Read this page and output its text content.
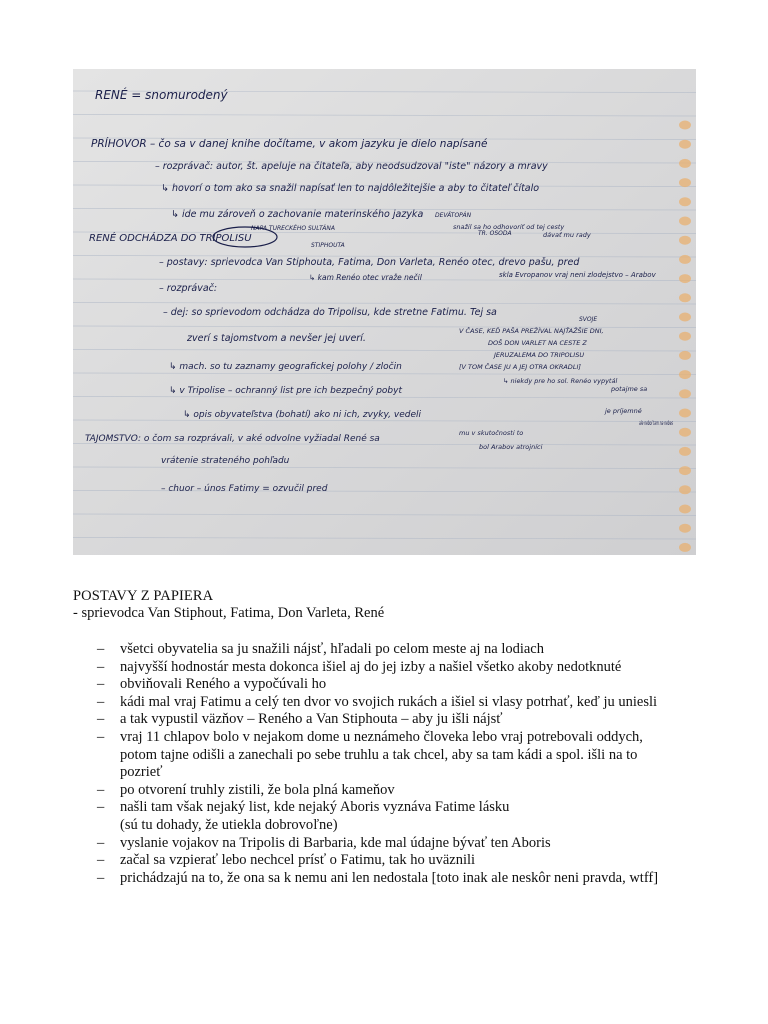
RENÉ = snomurodený
PRÍHOVOR – čo sa v danej knihe dočítame, v akom jazyku je dielo napísané
– rozprávač: autor, št. apeluje na čitateľa, aby neodsudzoval "iste" názory a mravy
↳ hovorí o tom ako sa snažil napísať len to najdôležitejšie a aby to čitateľ čítalo
↳ ide mu zároveň o zachovanie materinského jazyka
NAPA TURECKÉHO SULTÁNA
DEVÄTOPÁN
snažil sa ho odhovoriť od tej cesty
RENÉ ODCHÁDZA DO TRIPOLISU
STIPHOUTA
TR. OSODA	dávať mu rady
– postavy: sprievodca Van Stiphouta, Fatima, Don Varleta, Renéo otec, drevo pašu, pred
↳ kam Renéo otec vraže nečil	skla Evropanov vraj neni zlodejstvo – Arabov
– rozprávač:
– dej: so sprievodom odchádza do Tripolisu, kde stretne Fatimu. Tej sa
SVOJE
V ČASE, KEĎ PAŠA PREŽÍVAL NAJŤAŽŠIE DNI,
zverí s tajomstvom a nevšer jej uverí.	DOŠ DON VARLET NA CESTE Z
JERUZALEMA DO TRIPOLISU
↳ mach. so tu zaznamy geografickej polohy / zločin	[V TOM ČASE JU A JEJ OTRA OKRADLI]
↳ v Tripolise – ochranný list pre ich bezpečný pobyt
↳ niekdy pre ho sol. Renéo vypytál
potajme sa
↳ opis obyvateľstva (bohatí) ako ni ich, zvyky, vedeli	je príjemné
ale nebol tam na nebes
TAJOMSTVO: o čom sa rozprávali, v aké odvolne vyžiadal René sa
vrátenie strateného pohľadu
mu v skutočnosti to
bol Arabov atrojníci
– chuor – únos Fatimy = ozvučil pred
POSTAVY Z PAPIERA

- sprievodca Van Stiphout, Fatima, Don Varleta, René

– všetci obyvatelia sa ju snažili nájsť, hľadali po celom meste aj na lodiach
– najvyšší hodnostár mesta dokonca išiel aj do jej izby a našiel všetko akoby nedotknuté
– obviňovali Reného a vypočúvali ho
– kádi mal vraj Fatimu a celý ten dvor vo svojich rukách a išiel si vlasy potrhať, keď ju uniesli
– a tak vypustil väzňov – Reného a Van Stiphouta – aby ju išli nájsť
– vraj 11 chlapov bolo v nejakom dome u neznámeho človeka lebo vraj potrebovali oddych,
potom tajne odišli a zanechali po sebe truhlu a tak chcel, aby sa tam kádi a spol. išli na to
pozrieť
– po otvorení truhly zistili, že bola plná kameňov
– našli tam však nejaký list, kde nejaký Aboris vyznáva Fatime lásku
(sú tu dohady, že utiekla dobrovoľne)
– vyslanie vojakov na Tripolis di Barbaria, kde mal údajne bývať ten Aboris
– začal sa vzpierať lebo nechcel prísť o Fatimu, tak ho uväznili
– prichádzajú na to, že ona sa k nemu ani len nedostala [toto inak ale neskôr neni pravda, wtff]
